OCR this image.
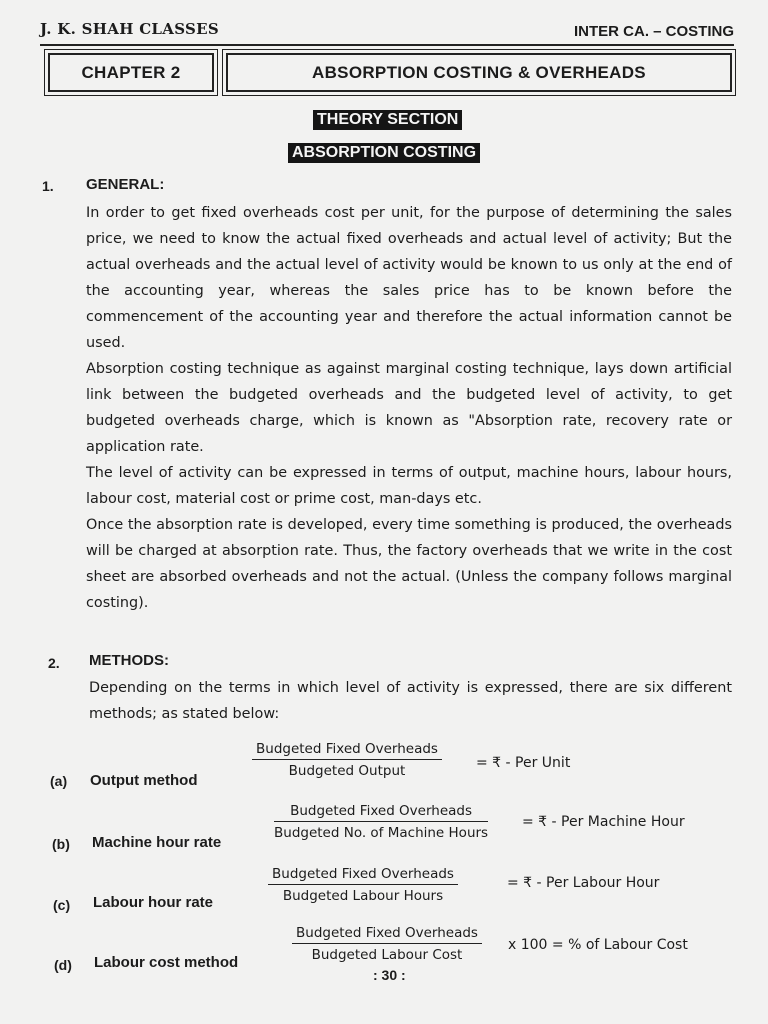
J. K. SHAH CLASSES	INTER CA. – COSTING
CHAPTER 2	ABSORPTION COSTING & OVERHEADS
THEORY SECTION
ABSORPTION COSTING
1. GENERAL:

In order to get fixed overheads cost per unit, for the purpose of determining the sales price, we need to know the actual fixed overheads and actual level of activity; But the actual overheads and the actual level of activity would be known to us only at the end of the accounting year, whereas the sales price has to be known before the commencement of the accounting year and therefore the actual information cannot be used.

Absorption costing technique as against marginal costing technique, lays down artificial link between the budgeted overheads and the budgeted level of activity, to get budgeted overheads charge, which is known as "Absorption rate, recovery rate or application rate.

The level of activity can be expressed in terms of output, machine hours, labour hours, labour cost, material cost or prime cost, man-days etc.

Once the absorption rate is developed, every time something is produced, the overheads will be charged at absorption rate. Thus, the factory overheads that we write in the cost sheet are absorbed overheads and not the actual. (Unless the company follows marginal costing).

2. METHODS:
Depending on the terms in which level of activity is expressed, there are six different methods; as stated below:
(a) Output method
Budgeted Fixed Overheads
Budgeted Output	= ₹ - Per Unit
(b) Machine hour rate
Budgeted Fixed Overheads
Budgeted No. of Machine Hours
= ₹ - Per Machine Hour
(c) Labour hour rate
Budgeted Fixed Overheads
Budgeted Labour Hours
= ₹ - Per Labour Hour
(d) Labour cost method
Budgeted Fixed Overheads
Budgeted Labour Cost
x 100 = % of Labour Cost
: 30 :
